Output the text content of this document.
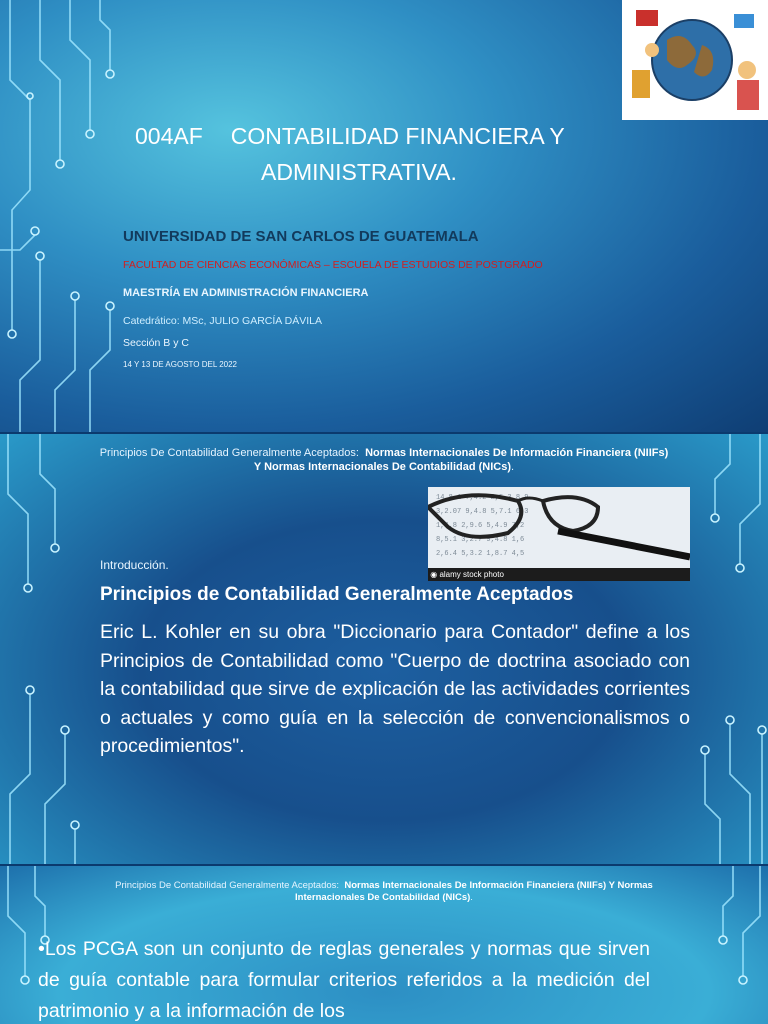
004AF CONTABILIDAD FINANCIERA Y
ADMINISTRATIVA.

UNIVERSIDAD DE SAN CARLOS DE GUATEMALA

FACULTAD DE CIENCIAS ECONÓMICAS – ESCUELA DE ESTUDIOS DE POSTGRADO

MAESTRÍA EN ADMINISTRACIÓN FINANCIERA

Catedrático: MSc, JULIO GARCÍA DÁVILA

Sección B y C

14 Y 13 DE AGOSTO DEL 2022

Principios De Contabilidad Generalmente Aceptados: Normas Internacionales De Información Financiera (NIIFs) Y Normas Internacionales De Contabilidad (NICs).

14,8.1 7,4.2 2,5.3 8,9
3,2.07 9,4.8 5,7.1 6,3
1,4.8 2,9.6 5,4.9 7,2
8,5.1 3,2.7 9,4.8 1,6
2,6.4 5,3.2 1,8.7 4,5
◉ alamy stock photo

Introducción.

Principios de Contabilidad Generalmente Aceptados

Eric L. Kohler en su obra "Diccionario para Contador" define a los Principios de Contabilidad como "Cuerpo de doctrina asociado con la contabilidad que sirve de explicación de las actividades corrientes o actuales y como guía en la selección de convencionalismos o procedimientos".

Principios De Contabilidad Generalmente Aceptados: Normas Internacionales De Información Financiera (NIIFs) Y Normas Internacionales De Contabilidad (NICs).

•Los PCGA son un conjunto de reglas generales y normas que sirven de guía contable para formular criterios referidos a la medición del patrimonio y a la información de los
